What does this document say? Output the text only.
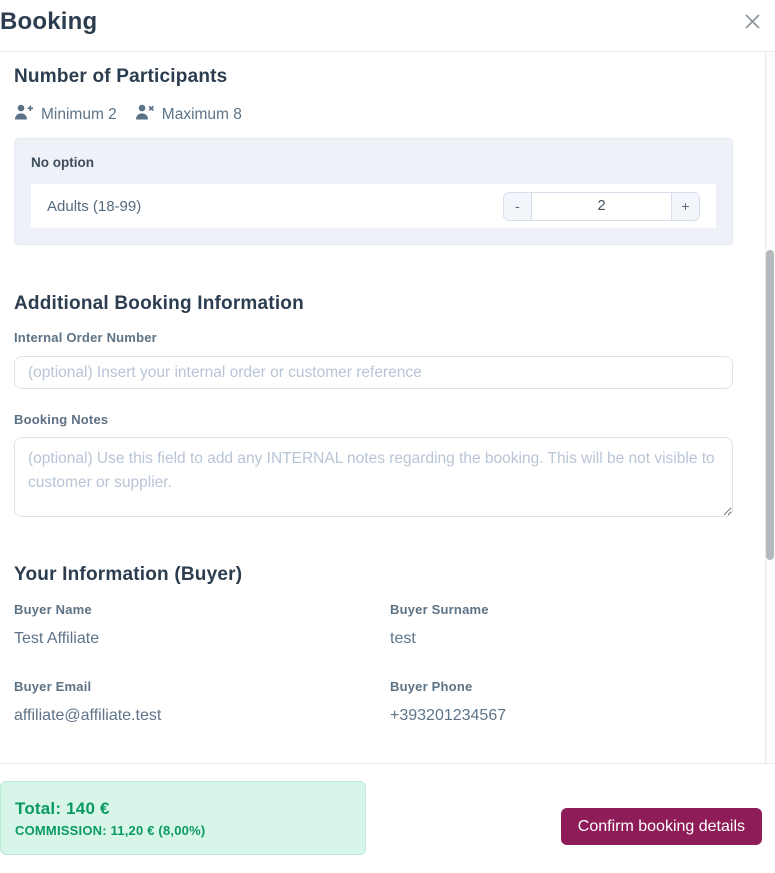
Booking
Number of Participants
Minimum 2	Maximum 8
No option
Adults (18-99)	-
2	+
Additional Booking Information
Internal Order Number
(optional) Insert your internal order or customer reference
Booking Notes
(optional) Use this field to add any INTERNAL notes regarding the booking. This will be not visible to customer or supplier.
Your Information (Buyer)
Buyer Name
Test Affiliate
Buyer Surname
test
Buyer Email
affiliate@affiliate.test
Buyer Phone
+393201234567
Total: 140 €
COMMISSION: 11,20 € (8,00%)	Confirm booking details
